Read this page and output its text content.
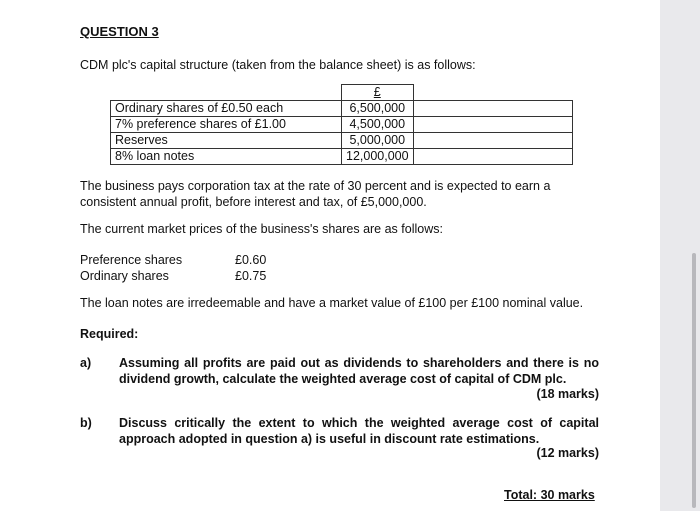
QUESTION 3
CDM plc's capital structure (taken from the balance sheet) is as follows:
	£	
Ordinary shares of £0.50 each	6,500,000	
7% preference shares of £1.00	4,500,000	
Reserves	5,000,000	
8% loan notes	12,000,000	
The business pays corporation tax at the rate of 30 percent and is expected to earn a consistent annual profit, before interest and tax, of £5,000,000.
The current market prices of the business's shares are as follows:
Preference shares	£0.60
Ordinary shares	£0.75
The loan notes are irredeemable and have a market value of £100 per £100 nominal value.
Required:
a) Assuming all profits are paid out as dividends to shareholders and there is no dividend growth, calculate the weighted average cost of capital of CDM plc.
(18 marks)
b) Discuss critically the extent to which the weighted average cost of capital approach adopted in question a) is useful in discount rate estimations.
(12 marks)
Total: 30 marks
